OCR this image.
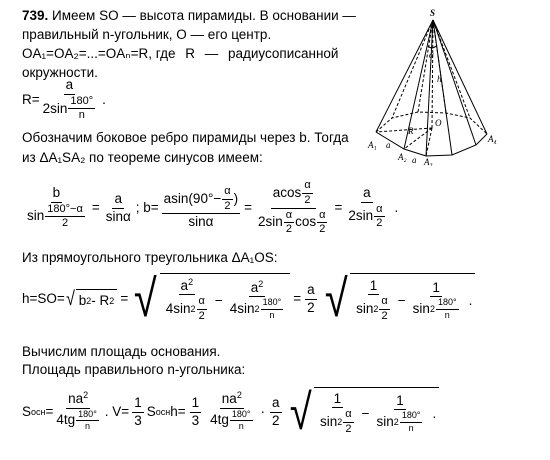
739. Имеем SO — высота пирамиды. В основании —
правильный n-угольник, O — его центр.
OA₁=OA₂=...=OAₙ=R, где R — радиусописанной
окружности.
$R= \frac{a}{2\sin \frac{180^\circ}{n}}$ .
Обозначим боковое ребро пирамиды через b. Тогда
из ΔA₁SA₂ по теореме синусов имеем:
$\frac{b}{\sin \frac{180^\circ-\alpha}{2}} = \frac{a}{\sin\alpha}$ ; $b= \frac{asin(90^\circ- \frac{\alpha}{2} )}{\sin\alpha}$ =
acos $\frac{\alpha}{2}$
$2\sin \frac{\alpha}{2}$ $\cos \frac{\alpha}{2}$
= $\frac{a}{2\sin \frac{\alpha}{2}}$ .
Из прямоугольного треугольника ΔA₁OS:
h=SO= √ b 2 - R 2 = √ $\frac{a^2}{4\sin 2 \frac{\alpha}{2}} - \frac{a^2}{4\sin 2 \frac{180^\circ}{n}} = \frac{a}{2}$ √ $\frac{1}{\sin 2 \frac{\alpha}{2}} - \frac{1}{\sin 2 \frac{180^\circ}{n}}$ .
Вычислим площадь основания.
Площадь правильного n-угольника:
S осн = $\frac{na^2}{4tg \frac{180^\circ}{n}}$ . $V= \frac{1}{3}$ S осн $h= \frac{1}{3} \frac{na^2}{4tg \frac{180^\circ}{n}} \cdot \frac{a}{2}$ √ $\frac{1}{\sin 2 \frac{\alpha}{2}} - \frac{1}{\sin 2 \frac{180^\circ}{n}}$ .
S
α
h
O
R
A₁
A₂ A₃
A₄
a
a
